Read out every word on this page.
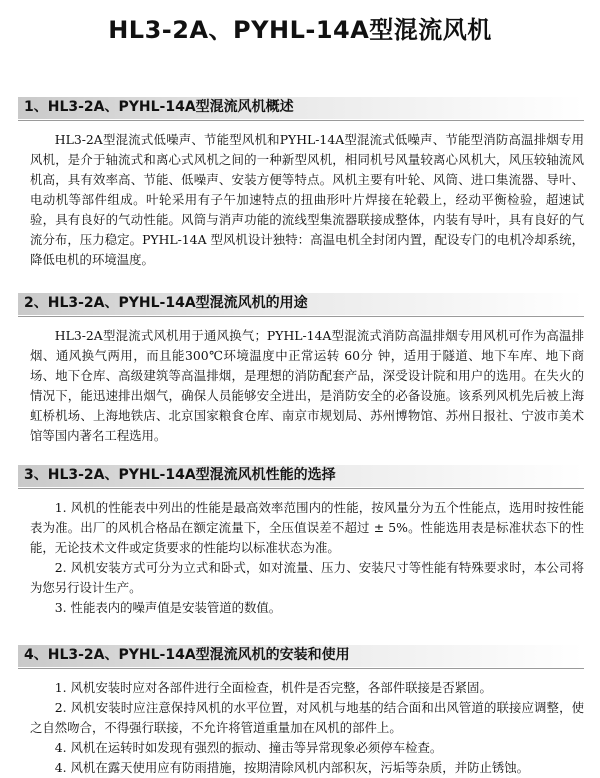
HL3-2A、PYHL-14A型混流风机
1、HL3-2A、PYHL-14A型混流风机概述
HL3-2A型混流式低噪声、节能型风机和PYHL-14A型混流式低噪声、节能型消防高温排烟专用风机，是介于轴流式和离心式风机之间的一种新型风机，相同机号风量较离心风机大，风压较轴流风机高，具有效率高、节能、低噪声、安装方便等特点。风机主要有叶轮、风筒、进口集流器、导叶、电动机等部件组成。叶轮采用有子午加速特点的扭曲形叶片焊接在轮毂上，经动平衡检验，超速试验，具有良好的气动性能。风筒与消声功能的流线型集流器联接成整体，内装有导叶，具有良好的气流分布，压力稳定。PYHL-14A 型风机设计独特：高温电机全封闭内置，配设专门的电机冷却系统，降低电机的环境温度。
2、HL3-2A、PYHL-14A型混流风机的用途
HL3-2A型混流式风机用于通风换气；PYHL-14A型混流式消防高温排烟专用风机可作为高温排烟、通风换气两用，而且能300℃环境温度中正常运转 60分 钟，适用于隧道、地下车库、地下商场、地下仓库、高级建筑等高温排烟，是理想的消防配套产品，深受设计院和用户的选用。在失火的情况下，能迅速排出烟气，确保人员能够安全进出，是消防安全的必备设施。该系列风机先后被上海虹桥机场、上海地铁店、北京国家粮食仓库、南京市规划局、苏州博物馆、苏州日报社、宁波市美术馆等国内著名工程选用。
3、HL3-2A、PYHL-14A型混流风机性能的选择
1. 风机的性能表中列出的性能是最高效率范围内的性能，按风量分为五个性能点，选用时按性能表为准。出厂的风机合格品在额定流量下，全压值误差不超过 ± 5%。性能选用表是标准状态下的性能，无论技术文件或定货要求的性能均以标准状态为准。
2. 风机安装方式可分为立式和卧式，如对流量、压力、安装尺寸等性能有特殊要求时，本公司将为您另行设计生产。
3. 性能表内的噪声值是安装管道的数值。
4、HL3-2A、PYHL-14A型混流风机的安装和使用
1. 风机安装时应对各部件进行全面检查，机件是否完整，各部件联接是否紧固。
2. 风机安装时应注意保持风机的水平位置，对风机与地基的结合面和出风管道的联接应调整，使之自然吻合，不得强行联接，不允许将管道重量加在风机的部件上。
4. 风机在运转时如发现有强烈的振动、撞击等异常现象必须停车检查。
4. 风机在露天使用应有防雨措施，按期清除风机内部积灰，污垢等杂质，并防止锈蚀。
